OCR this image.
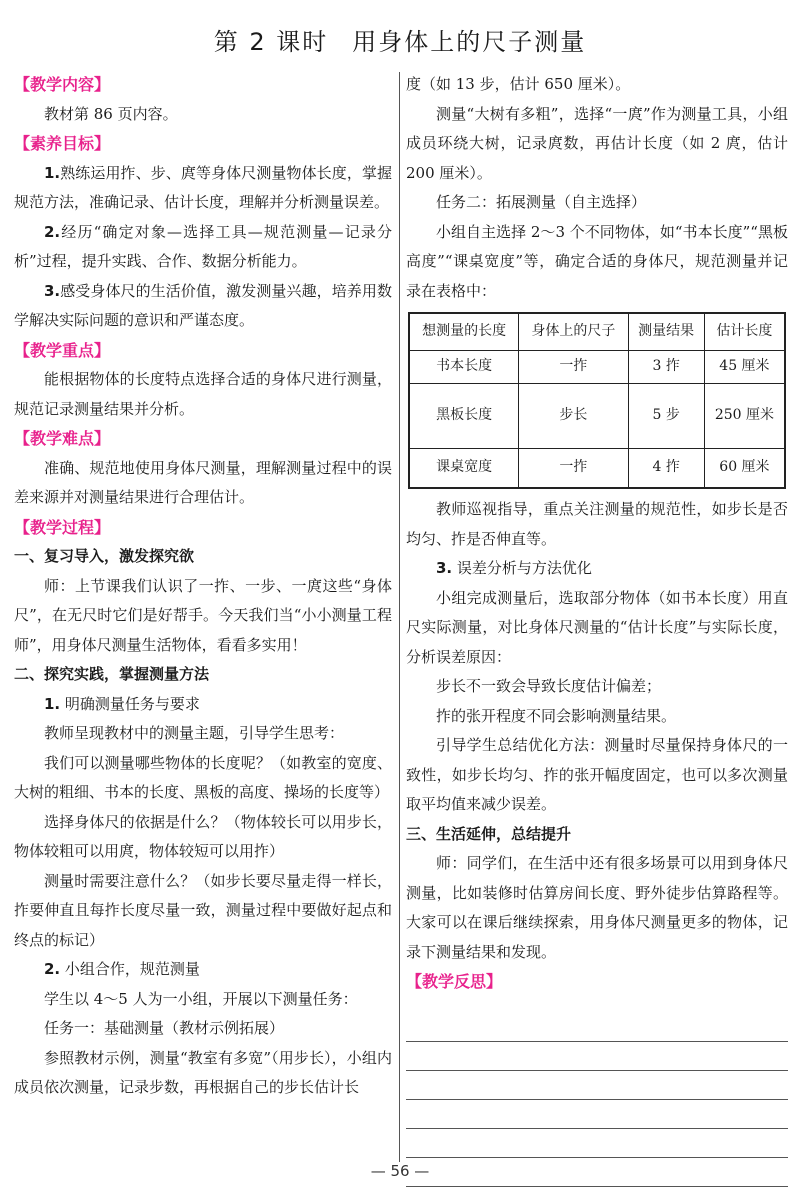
第 2 课时 用身体上的尺子测量
【教学内容】

教材第 86 页内容。

【素养目标】

1.熟练运用拃、步、庹等身体尺测量物体长度，掌握规范方法，准确记录、估计长度，理解并分析测量误差。

2.经历“确定对象—选择工具—规范测量—记录分析”过程，提升实践、合作、数据分析能力。

3.感受身体尺的生活价值，激发测量兴趣，培养用数学解决实际问题的意识和严谨态度。

【教学重点】

能根据物体的长度特点选择合适的身体尺进行测量，规范记录测量结果并分析。

【教学难点】

准确、规范地使用身体尺测量，理解测量过程中的误差来源并对测量结果进行合理估计。

【教学过程】
一、复习导入，激发探究欲

师：上节课我们认识了一拃、一步、一庹这些“身体尺”，在无尺时它们是好帮手。今天我们当“小小测量工程师”，用身体尺测量生活物体，看看多实用！

二、探究实践，掌握测量方法

1. 明确测量任务与要求

教师呈现教材中的测量主题，引导学生思考：

我们可以测量哪些物体的长度呢？（如教室的宽度、大树的粗细、书本的长度、黑板的高度、操场的长度等）

选择身体尺的依据是什么？（物体较长可以用步长，物体较粗可以用庹，物体较短可以用拃）

测量时需要注意什么？（如步长要尽量走得一样长，拃要伸直且每拃长度尽量一致，测量过程中要做好起点和终点的标记）

2. 小组合作，规范测量

学生以 4～5 人为一小组，开展以下测量任务：

任务一：基础测量（教材示例拓展）

参照教材示例，测量“教室有多宽”（用步长），小组内成员依次测量，记录步数，再根据自己的步长估计长

度（如 13 步，估计 650 厘米）。

测量“大树有多粗”，选择“一庹”作为测量工具，小组成员环绕大树，记录庹数，再估计长度（如 2 庹，估计 200 厘米）。

任务二：拓展测量（自主选择）

小组自主选择 2～3 个不同物体，如“书本长度”“黑板高度”“课桌宽度”等，确定合适的身体尺，规范测量并记录在表格中：

想测量的长度	身体上的尺子	测量结果	估计长度
书本长度	一拃	3 拃	45 厘米
黑板长度	步长	5 步	250 厘米
课桌宽度	一拃	4 拃	60 厘米

教师巡视指导，重点关注测量的规范性，如步长是否均匀、拃是否伸直等。

3. 误差分析与方法优化

小组完成测量后，选取部分物体（如书本长度）用直尺实际测量，对比身体尺测量的“估计长度”与实际长度，分析误差原因：

步长不一致会导致长度估计偏差；

拃的张开程度不同会影响测量结果。

引导学生总结优化方法：测量时尽量保持身体尺的一致性，如步长均匀、拃的张开幅度固定，也可以多次测量取平均值来减少误差。

三、生活延伸，总结提升

师：同学们，在生活中还有很多场景可以用到身体尺测量，比如装修时估算房间长度、野外徒步估算路程等。大家可以在课后继续探索，用身体尺测量更多的物体，记录下测量结果和发现。

【教学反思】
— 56 —
